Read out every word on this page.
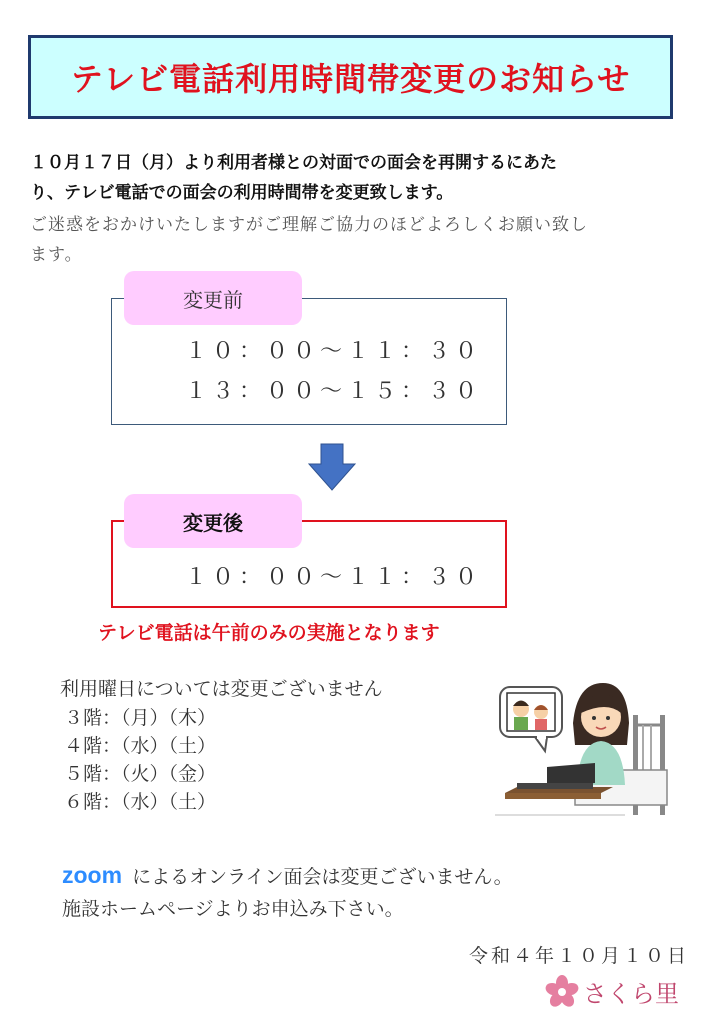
テレビ電話利用時間帯変更のお知らせ
１０月１７日（月）より利用者様との対面での面会を再開するにあた
り、テレビ電話での面会の利用時間帯を変更致します。
ご迷惑をおかけいたしますがご理解ご協力のほどよろしくお願い致し
ます。
変更前
１０：００〜１１：３０
１３：００〜１５：３０
変更後
１０：００〜１１：３０
テレビ電話は午前のみの実施となります
利用曜日については変更ございません
３階：（月）（木）
４階：（水）（土）
５階：（火）（金）
６階：（水）（土）
zoom によるオンライン面会は変更ございません。
施設ホームページよりお申込み下さい。
令和４年１０月１０日
さくら里
